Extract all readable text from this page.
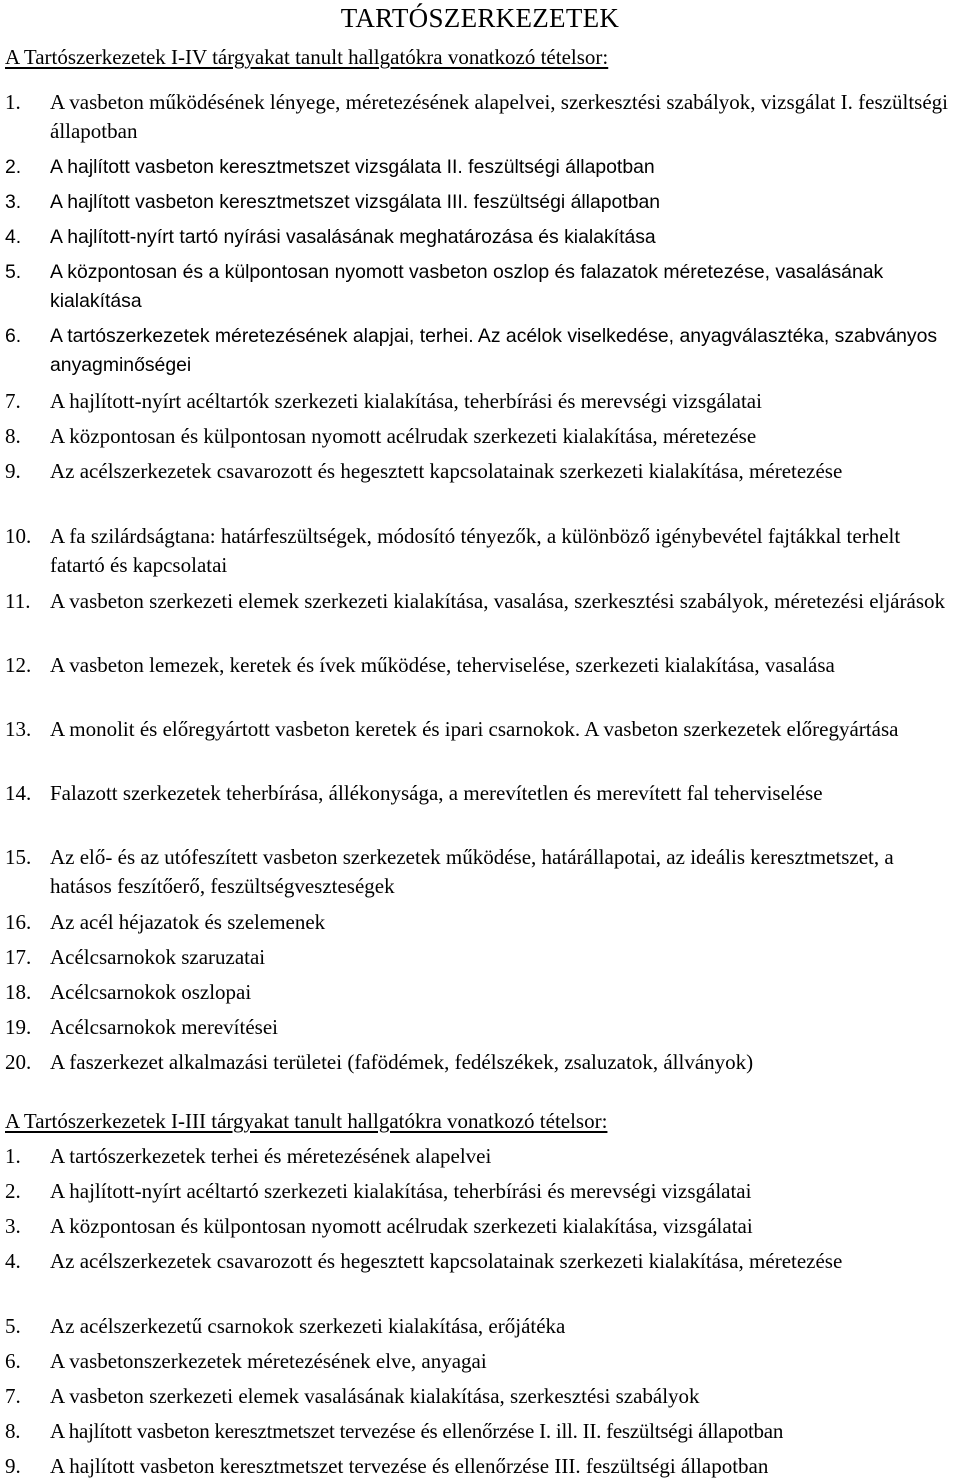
TARTÓSZERKEZETEK
A Tartószerkezetek I-IV tárgyakat tanult hallgatókra vonatkozó tételsor:
1.	A vasbeton működésének lényege, méretezésének alapelvei, szerkesztési szabályok, vizsgálat I. feszültségi állapotban
2.	A hajlított vasbeton keresztmetszet vizsgálata II. feszültségi állapotban
3.	A hajlított vasbeton keresztmetszet vizsgálata III. feszültségi állapotban
4.	A hajlított-nyírt tartó nyírási vasalásának meghatározása és kialakítása
5.	A központosan és a külpontosan nyomott vasbeton oszlop és falazatok méretezése, vasalásának kialakítása
6.	A tartószerkezetek méretezésének alapjai, terhei. Az acélok viselkedése, anyagválasztéka, szabványos anyagminőségei
7.	A hajlított-nyírt acéltartók szerkezeti kialakítása, teherbírási és merevségi vizsgálatai
8.	A központosan és külpontosan nyomott acélrudak szerkezeti kialakítása, méretezése
9.	Az acélszerkezetek csavarozott és hegesztett kapcsolatainak szerkezeti kialakítása, méretezése
10. A fa szilárdságtana: határfeszültségek, módosító tényezők, a különböző igénybevétel fajtákkal terhelt fatartó és kapcsolatai
11. A vasbeton szerkezeti elemek szerkezeti kialakítása, vasalása, szerkesztési szabályok, méretezési eljárások
12. A vasbeton lemezek, keretek és ívek működése, teherviselése, szerkezeti kialakítása, vasalása
13. A monolit és előregyártott vasbeton keretek és ipari csarnokok. A vasbeton szerkezetek előregyártása
14. Falazott szerkezetek teherbírása, állékonysága, a merevítetlen és merevített fal teherviselése
15. Az elő- és az utófeszített vasbeton szerkezetek működése, határállapotai, az ideális keresztmetszet, a hatásos feszítőerő, feszültségveszteségek
16. Az acél héjazatok és szelemenek
17. Acélcsarnokok szaruzatai
18. Acélcsarnokok oszlopai
19. Acélcsarnokok merevítései
20. A faszerkezet alkalmazási területei (fafödémek, fedélszékek, zsaluzatok, állványok)
A Tartószerkezetek I-III tárgyakat tanult hallgatókra vonatkozó tételsor:
1.	A tartószerkezetek terhei és méretezésének alapelvei
2.	A hajlított-nyírt acéltartó szerkezeti kialakítása, teherbírási és merevségi vizsgálatai
3.	A központosan és külpontosan nyomott acélrudak szerkezeti kialakítása, vizsgálatai
4.	Az acélszerkezetek csavarozott és hegesztett kapcsolatainak szerkezeti kialakítása, méretezése
5.	Az acélszerkezetű csarnokok szerkezeti kialakítása, erőjátéka
6.	A vasbetonszerkezetek méretezésének elve, anyagai
7.	A vasbeton szerkezeti elemek vasalásának kialakítása, szerkesztési szabályok
8.	A hajlított vasbeton keresztmetszet tervezése és ellenőrzése I. ill. II. feszültségi állapotban
9.	A hajlított vasbeton keresztmetszet tervezése és ellenőrzése III. feszültségi állapotban
